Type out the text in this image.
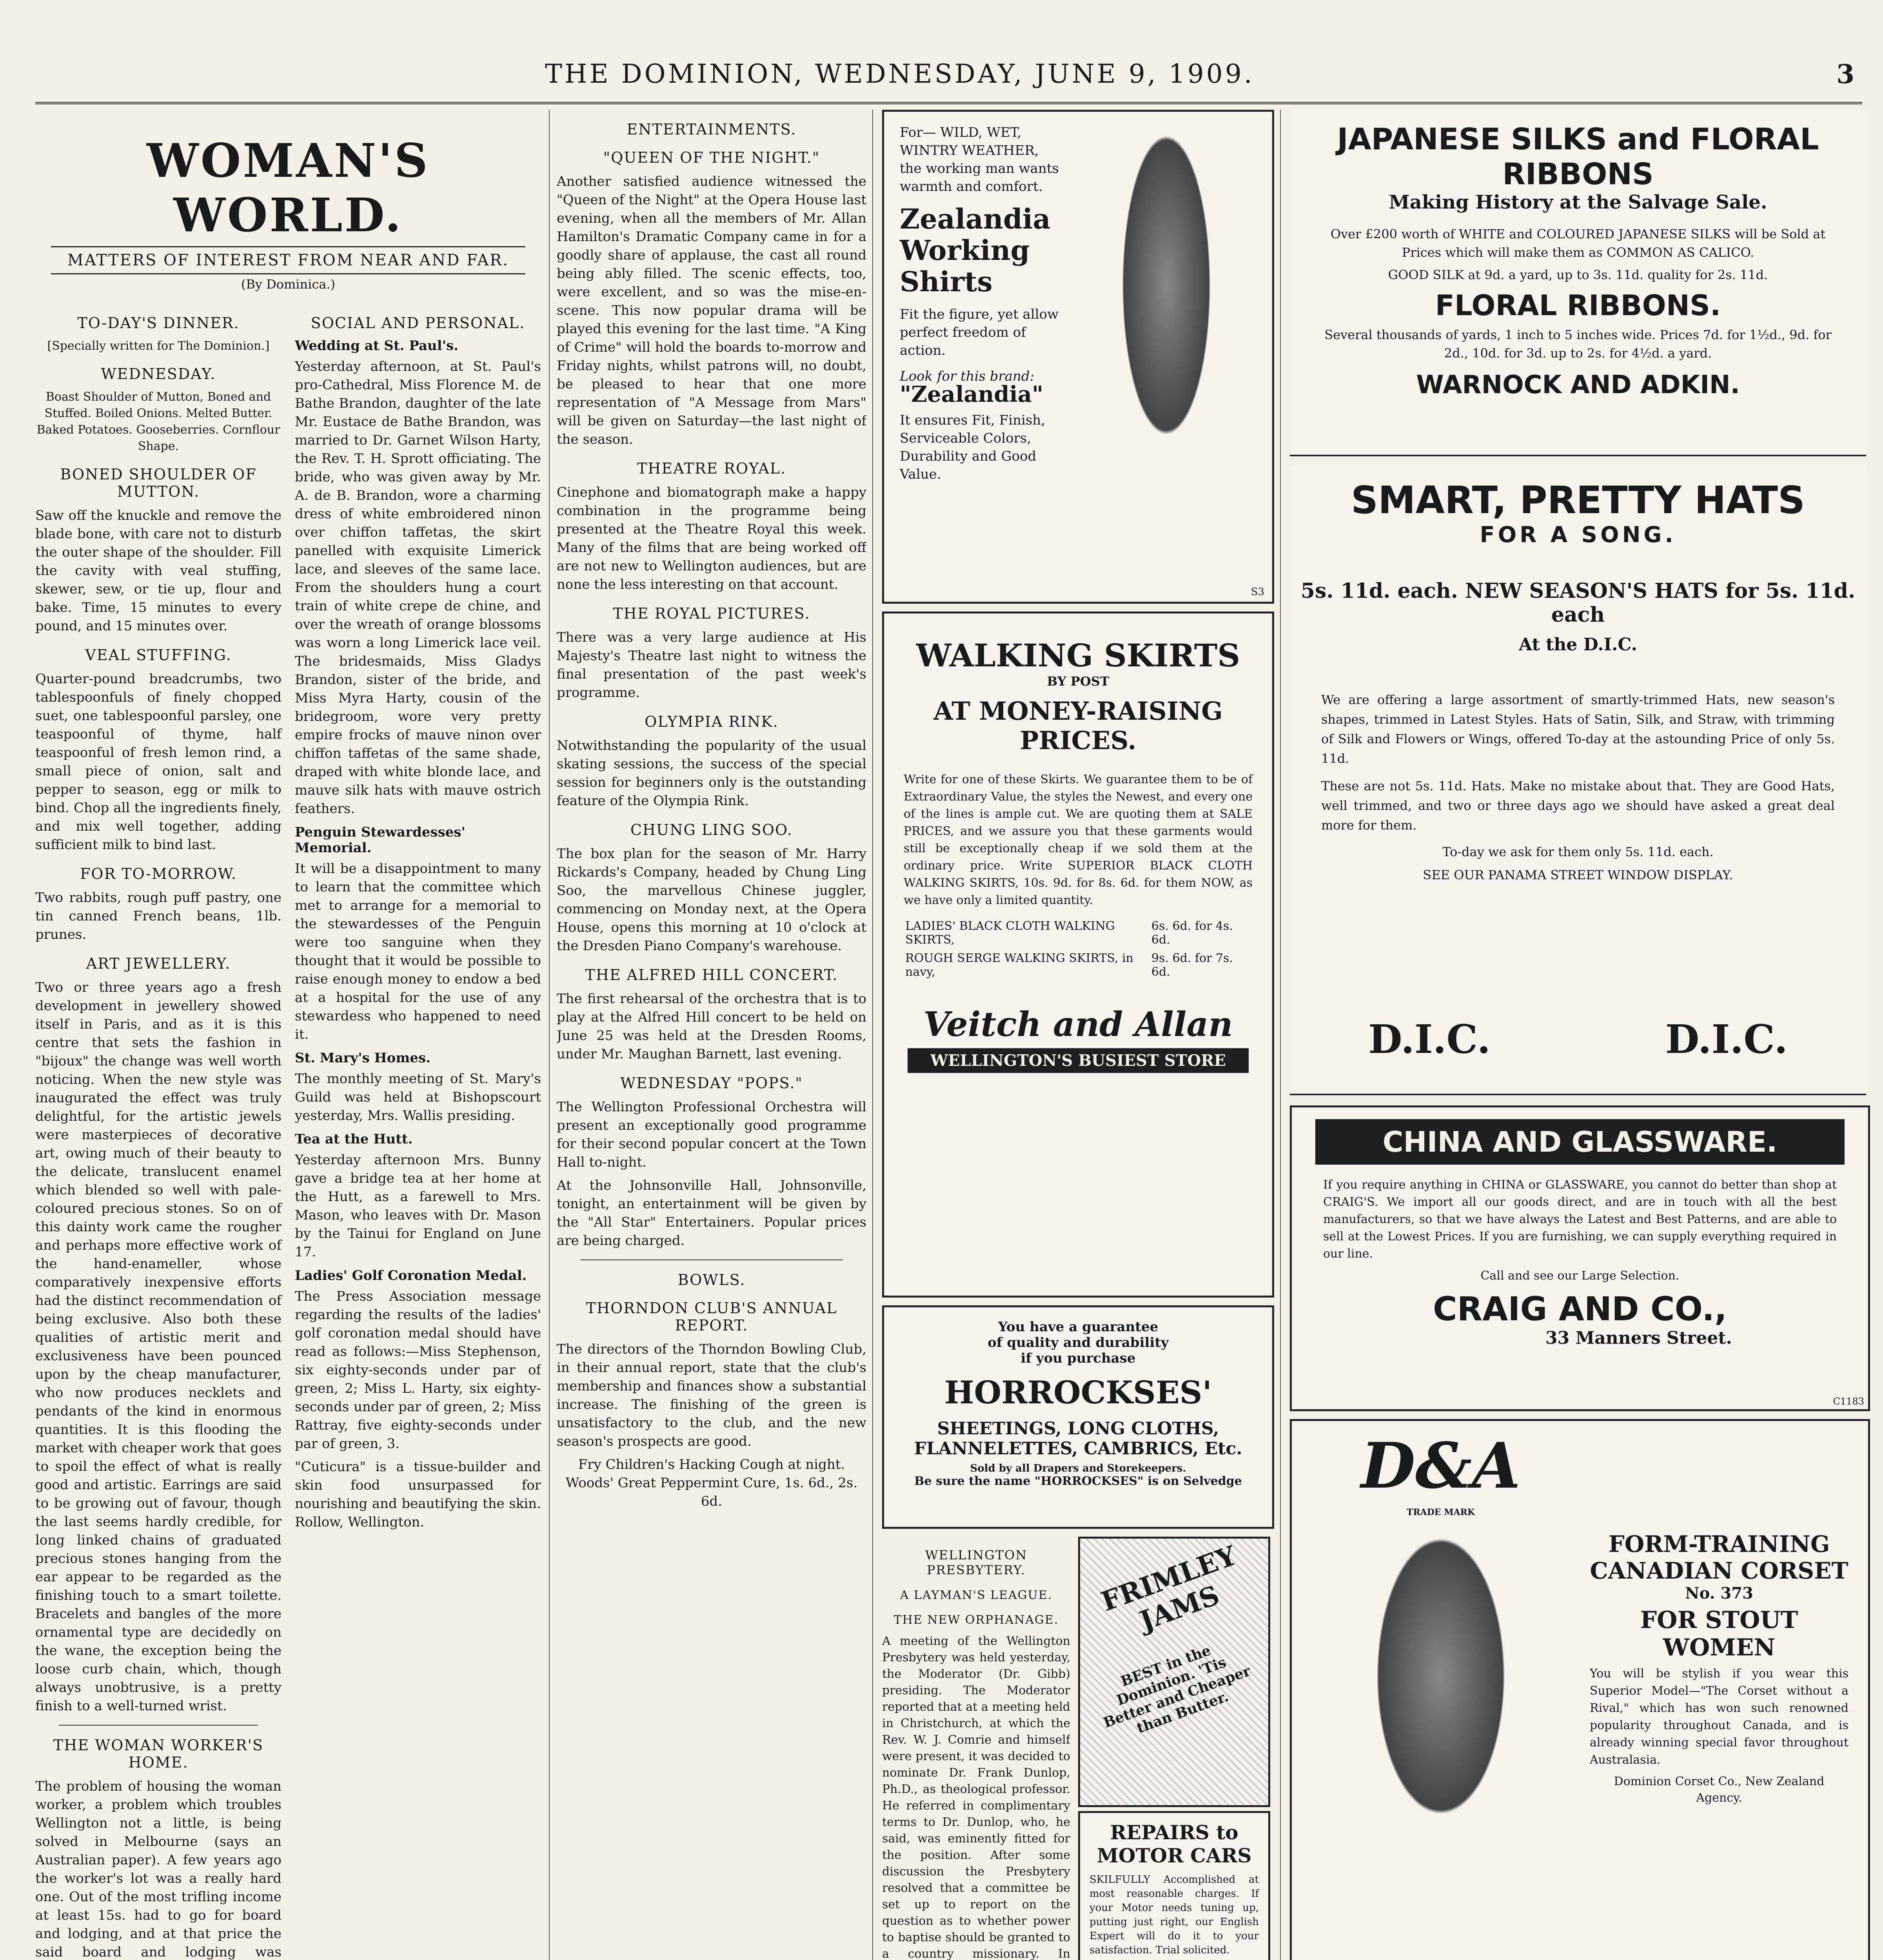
THE DOMINION, WEDNESDAY, JUNE 9, 1909.	3
WOMAN'S WORLD.
MATTERS OF INTEREST FROM NEAR AND FAR.
(By Dominica.)
TO-DAY'S DINNER.

[Specially written for The Dominion.]

WEDNESDAY.

Boast Shoulder of Mutton, Boned and Stuffed. Boiled Onions. Melted Butter. Baked Potatoes. Gooseberries. Cornflour Shape.

BONED SHOULDER OF MUTTON.

Saw off the knuckle and remove the blade bone, with care not to disturb the outer shape of the shoulder. Fill the cavity with veal stuffing, skewer, sew, or tie up, flour and bake. Time, 15 minutes to every pound, and 15 minutes over.

VEAL STUFFING.

Quarter-pound breadcrumbs, two tablespoonfuls of finely chopped suet, one tablespoonful parsley, one teaspoonful of thyme, half teaspoonful of fresh lemon rind, a small piece of onion, salt and pepper to season, egg or milk to bind. Chop all the ingredients finely, and mix well together, adding sufficient milk to bind last.

FOR TO-MORROW.

Two rabbits, rough puff pastry, one tin canned French beans, 1lb. prunes.

ART JEWELLERY.

Two or three years ago a fresh development in jewellery showed itself in Paris, and as it is this centre that sets the fashion in "bijoux" the change was well worth noticing. When the new style was inaugurated the effect was truly delightful, for the artistic jewels were masterpieces of decorative art, owing much of their beauty to the delicate, translucent enamel which blended so well with pale-coloured precious stones. So on of this dainty work came the rougher and perhaps more effective work of the hand-enameller, whose comparatively inexpensive efforts had the distinct recommendation of being exclusive. Also both these qualities of artistic merit and exclusiveness have been pounced upon by the cheap manufacturer, who now produces necklets and pendants of the kind in enormous quantities. It is this flooding the market with cheaper work that goes to spoil the effect of what is really good and artistic. Earrings are said to be growing out of favour, though the last seems hardly credible, for long linked chains of graduated precious stones hanging from the ear appear to be regarded as the finishing touch to a smart toilette. Bracelets and bangles of the more ornamental type are decidedly on the wane, the exception being the loose curb chain, which, though always unobtrusive, is a pretty finish to a well-turned wrist.

THE WOMAN WORKER'S HOME.

The problem of housing the woman worker, a problem which troubles Wellington not a little, is being solved in Melbourne (says an Australian paper). A few years ago the worker's lot was a really hard one. Out of the most trifling income at least 15s. had to go for board and lodging, and at that price the said board and lodging was

SOCIAL AND PERSONAL.
Wedding at St. Paul's.

Yesterday afternoon, at St. Paul's pro-Cathedral, Miss Florence M. de Bathe Brandon, daughter of the late Mr. Eustace de Bathe Brandon, was married to Dr. Garnet Wilson Harty, the Rev. T. H. Sprott officiating. The bride, who was given away by Mr. A. de B. Brandon, wore a charming dress of white embroidered ninon over chiffon taffetas, the skirt panelled with exquisite Limerick lace, and sleeves of the same lace. From the shoulders hung a court train of white crepe de chine, and over the wreath of orange blossoms was worn a long Limerick lace veil. The bridesmaids, Miss Gladys Brandon, sister of the bride, and Miss Myra Harty, cousin of the bridegroom, wore very pretty empire frocks of mauve ninon over chiffon taffetas of the same shade, draped with white blonde lace, and mauve silk hats with mauve ostrich feathers.

Penguin Stewardesses' Memorial.

It will be a disappointment to many to learn that the committee which met to arrange for a memorial to the stewardesses of the Penguin were too sanguine when they thought that it would be possible to raise enough money to endow a bed at a hospital for the use of any stewardess who happened to need it.

St. Mary's Homes.

The monthly meeting of St. Mary's Guild was held at Bishopscourt yesterday, Mrs. Wallis presiding.

Tea at the Hutt.

Yesterday afternoon Mrs. Bunny gave a bridge tea at her home at the Hutt, as a farewell to Mrs. Mason, who leaves with Dr. Mason by the Tainui for England on June 17.

Ladies' Golf Coronation Medal.

The Press Association message regarding the results of the ladies' golf coronation medal should have read as follows:—Miss Stephenson, six eighty-seconds under par of green, 2; Miss L. Harty, six eighty-seconds under par of green, 2; Miss Rattray, five eighty-seconds under par of green, 3.

"Cuticura" is a tissue-builder and skin food unsurpassed for nourishing and beautifying the skin. Rollow, Wellington.

ENTERTAINMENTS.
"QUEEN OF THE NIGHT."

Another satisfied audience witnessed the "Queen of the Night" at the Opera House last evening, when all the members of Mr. Allan Hamilton's Dramatic Company came in for a goodly share of applause, the cast all round being ably filled. The scenic effects, too, were excellent, and so was the mise-en-scene. This now popular drama will be played this evening for the last time. "A King of Crime" will hold the boards to-morrow and Friday nights, whilst patrons will, no doubt, be pleased to hear that one more representation of "A Message from Mars" will be given on Saturday—the last night of the season.

THEATRE ROYAL.

Cinephone and biomatograph make a happy combination in the programme being presented at the Theatre Royal this week. Many of the films that are being worked off are not new to Wellington audiences, but are none the less interesting on that account.

THE ROYAL PICTURES.

There was a very large audience at His Majesty's Theatre last night to witness the final presentation of the past week's programme.

OLYMPIA RINK.

Notwithstanding the popularity of the usual skating sessions, the success of the special session for beginners only is the outstanding feature of the Olympia Rink.

CHUNG LING SOO.

The box plan for the season of Mr. Harry Rickards's Company, headed by Chung Ling Soo, the marvellous Chinese juggler, commencing on Monday next, at the Opera House, opens this morning at 10 o'clock at the Dresden Piano Company's warehouse.

THE ALFRED HILL CONCERT.

The first rehearsal of the orchestra that is to play at the Alfred Hill concert to be held on June 25 was held at the Dresden Rooms, under Mr. Maughan Barnett, last evening.

WEDNESDAY "POPS."

The Wellington Professional Orchestra will present an exceptionally good programme for their second popular concert at the Town Hall to-night.

At the Johnsonville Hall, Johnsonville, tonight, an entertainment will be given by the "All Star" Entertainers. Popular prices are being charged.

BOWLS.
THORNDON CLUB'S ANNUAL REPORT.

The directors of the Thorndon Bowling Club, in their annual report, state that the club's membership and finances show a substantial increase. The finishing of the green is unsatisfactory to the club, and the new season's prospects are good.

Fry Children's Hacking Cough at night. Woods' Great Peppermint Cure, 1s. 6d., 2s. 6d.

For— WILD, WET, WINTRY WEATHER,
the working man wants warmth and comfort.
Zealandia Working Shirts
Fit the figure, yet allow perfect freedom of action.
Look for this brand:
"Zealandia"
It ensures Fit, Finish, Serviceable Colors, Durability and Good Value.
S3
WALKING SKIRTS
BY POST
AT MONEY-RAISING PRICES.

Write for one of these Skirts. We guarantee them to be of Extraordinary Value, the styles the Newest, and every one of the lines is ample cut. We are quoting them at SALE PRICES, and we assure you that these garments would still be exceptionally cheap if we sold them at the ordinary price. Write SUPERIOR BLACK CLOTH WALKING SKIRTS, 10s. 9d. for 8s. 6d. for them NOW, as we have only a limited quantity.

LADIES' BLACK CLOTH WALKING SKIRTS,	6s. 6d. for 4s. 6d.
ROUGH SERGE WALKING SKIRTS, in navy,	9s. 6d. for 7s. 6d.
Veitch and Allan
WELLINGTON'S BUSIEST STORE
You have a guarantee
of quality and durability
if you purchase
HORROCKSES'
SHEETINGS, LONG CLOTHS, FLANNELETTES, CAMBRICS, Etc.
Sold by all Drapers and Storekeepers.
Be sure the name "HORROCKSES" is on Selvedge
WELLINGTON PRESBYTERY.
A LAYMAN'S LEAGUE.
THE NEW ORPHANAGE.

A meeting of the Wellington Presbytery was held yesterday, the Moderator (Dr. Gibb) presiding. The Moderator reported that at a meeting held in Christchurch, at which the Rev. W. J. Comrie and himself were present, it was decided to nominate Dr. Frank Dunlop, Ph.D., as theological professor. He referred in complimentary terms to Dr. Dunlop, who, he said, was eminently fitted for the position. After some discussion the Presbytery resolved that a committee be set up to report on the question as to whether power to baptise should be granted to a country missionary. In

FRIMLEY JAMS
BEST in the Dominion. 'Tis Better and Cheaper than Butter.
REPAIRS to MOTOR CARS

SKILFULLY Accomplished at most reasonable charges. If your Motor needs tuning up, putting just right, our English Expert will do it to your satisfaction. Trial solicited.

JAPANESE SILKS and FLORAL RIBBONS
Making History at the Salvage Sale.

Over £200 worth of WHITE and COLOURED JAPANESE SILKS will be Sold at Prices which will make them as COMMON AS CALICO.

GOOD SILK at 9d. a yard, up to 3s. 11d. quality for 2s. 11d.

FLORAL RIBBONS.

Several thousands of yards, 1 inch to 5 inches wide. Prices 7d. for 1½d., 9d. for 2d., 10d. for 3d. up to 2s. for 4½d. a yard.

WARNOCK AND ADKIN.
SMART, PRETTY HATS
FOR A SONG.
5s. 11d. each. NEW SEASON'S HATS for 5s. 11d. each
At the D.I.C.

We are offering a large assortment of smartly-trimmed Hats, new season's shapes, trimmed in Latest Styles. Hats of Satin, Silk, and Straw, with trimming of Silk and Flowers or Wings, offered To-day at the astounding Price of only 5s. 11d.

These are not 5s. 11d. Hats. Make no mistake about that. They are Good Hats, well trimmed, and two or three days ago we should have asked a great deal more for them.

To-day we ask for them only 5s. 11d. each.

SEE OUR PANAMA STREET WINDOW DISPLAY.

D.I.C.	D.I.C.
CHINA AND GLASSWARE.

If you require anything in CHINA or GLASSWARE, you cannot do better than shop at CRAIG'S. We import all our goods direct, and are in touch with all the best manufacturers, so that we have always the Latest and Best Patterns, and are able to sell at the Lowest Prices. If you are furnishing, we can supply everything required in our line.

Call and see our Large Selection.

CRAIG AND CO.,
33 Manners Street.
C1183
D&A
TRADE MARK
FORM-TRAINING CANADIAN CORSET
No. 373
FOR STOUT WOMEN

You will be stylish if you wear this Superior Model—"The Corset without a Rival," which has won such renowned popularity throughout Canada, and is already winning special favor throughout Australasia.

Dominion Corset Co., New Zealand Agency.
